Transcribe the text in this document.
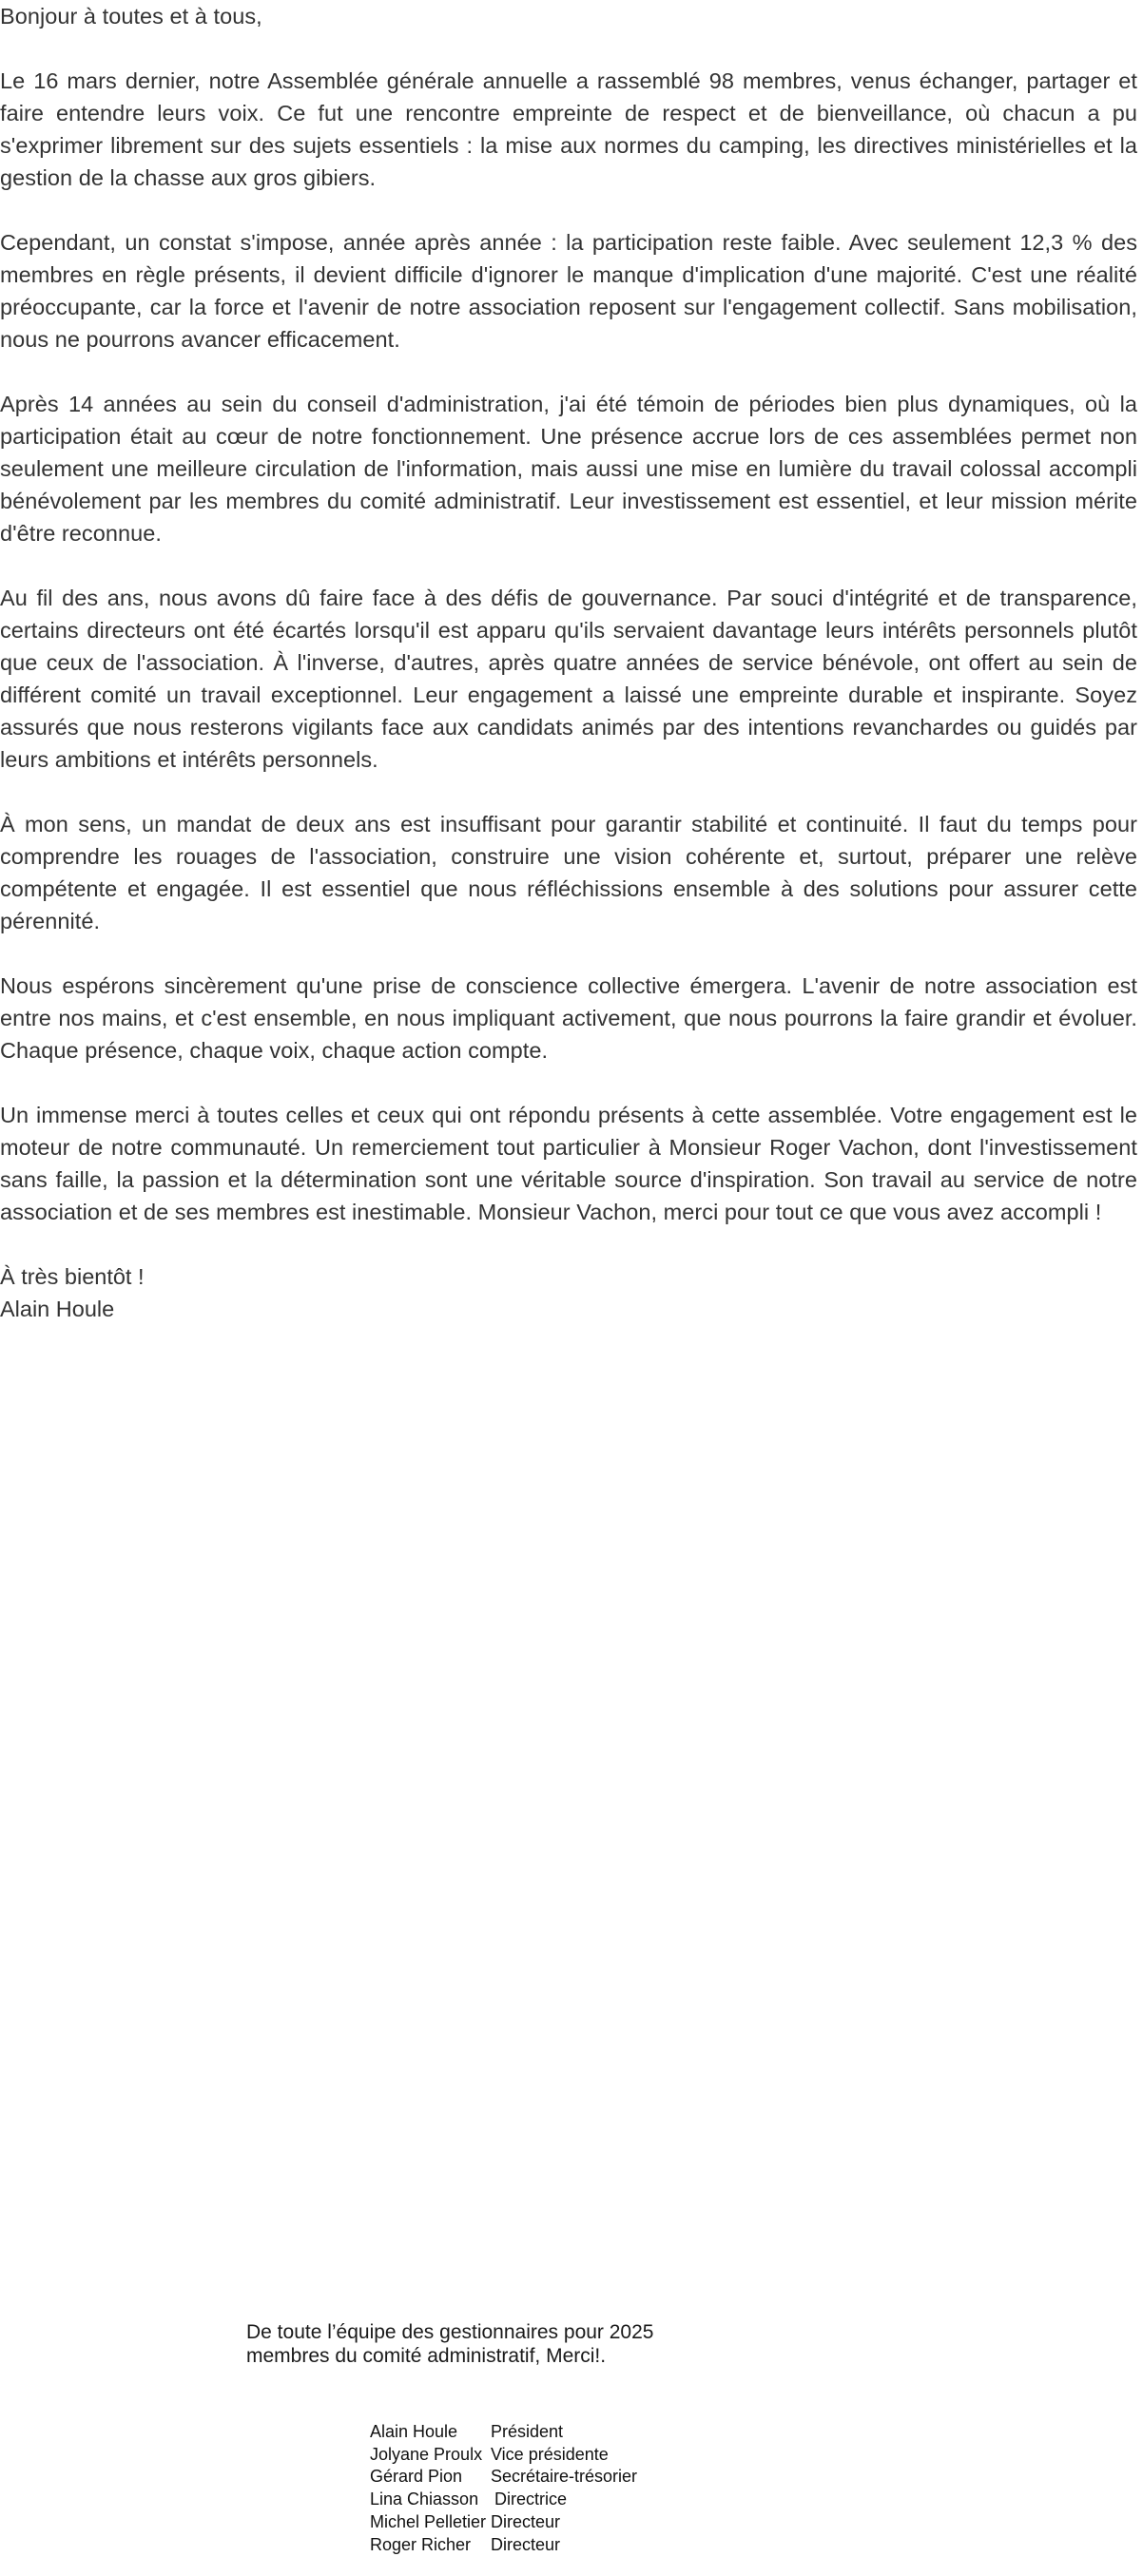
Bonjour à toutes et à tous,

Le 16 mars dernier, notre Assemblée générale annuelle a rassemblé 98 membres, venus échanger, partager et faire entendre leurs voix. Ce fut une rencontre empreinte de respect et de bienveillance, où chacun a pu s'exprimer librement sur des sujets essentiels : la mise aux normes du camping, les directives ministérielles et la gestion de la chasse aux gros gibiers.

Cependant, un constat s'impose, année après année : la participation reste faible. Avec seulement 12,3 % des membres en règle présents, il devient difficile d'ignorer le manque d'implication d'une majorité. C'est une réalité préoccupante, car la force et l'avenir de notre association reposent sur l'engagement collectif. Sans mobilisation, nous ne pourrons avancer efficacement.

Après 14 années au sein du conseil d'administration, j'ai été témoin de périodes bien plus dynamiques, où la participation était au cœur de notre fonctionnement. Une présence accrue lors de ces assemblées permet non seulement une meilleure circulation de l'information, mais aussi une mise en lumière du travail colossal accompli bénévolement par les membres du comité administratif. Leur investissement est essentiel, et leur mission mérite d'être reconnue.

Au fil des ans, nous avons dû faire face à des défis de gouvernance. Par souci d'intégrité et de transparence, certains directeurs ont été écartés lorsqu'il est apparu qu'ils servaient davantage leurs intérêts personnels plutôt que ceux de l'association. À l'inverse, d'autres, après quatre années de service bénévole, ont offert au sein de différent comité un travail exceptionnel. Leur engagement a laissé une empreinte durable et inspirante. Soyez assurés que nous resterons vigilants face aux candidats animés par des intentions revanchardes ou guidés par leurs ambitions et intérêts personnels.

À mon sens, un mandat de deux ans est insuffisant pour garantir stabilité et continuité. Il faut du temps pour comprendre les rouages de l'association, construire une vision cohérente et, surtout, préparer une relève compétente et engagée. Il est essentiel que nous réfléchissions ensemble à des solutions pour assurer cette pérennité.

Nous espérons sincèrement qu'une prise de conscience collective émergera. L'avenir de notre association est entre nos mains, et c'est ensemble, en nous impliquant activement, que nous pourrons la faire grandir et évoluer. Chaque présence, chaque voix, chaque action compte.

Un immense merci à toutes celles et ceux qui ont répondu présents à cette assemblée. Votre engagement est le moteur de notre communauté. Un remerciement tout particulier à Monsieur Roger Vachon, dont l'investissement sans faille, la passion et la détermination sont une véritable source d'inspiration. Son travail au service de notre association et de ses membres est inestimable. Monsieur Vachon, merci pour tout ce que vous avez accompli !

À très bientôt !

Alain Houle

De toute l’équipe des gestionnaires pour 2025
membres du comité administratif, Merci!.
Alain Houle	Président
Jolyane Proulx	Vice présidente
Gérard Pion	Secrétaire-trésorier
Lina Chiasson	Directrice
Michel Pelletier	Directeur
Roger Richer	Directeur
